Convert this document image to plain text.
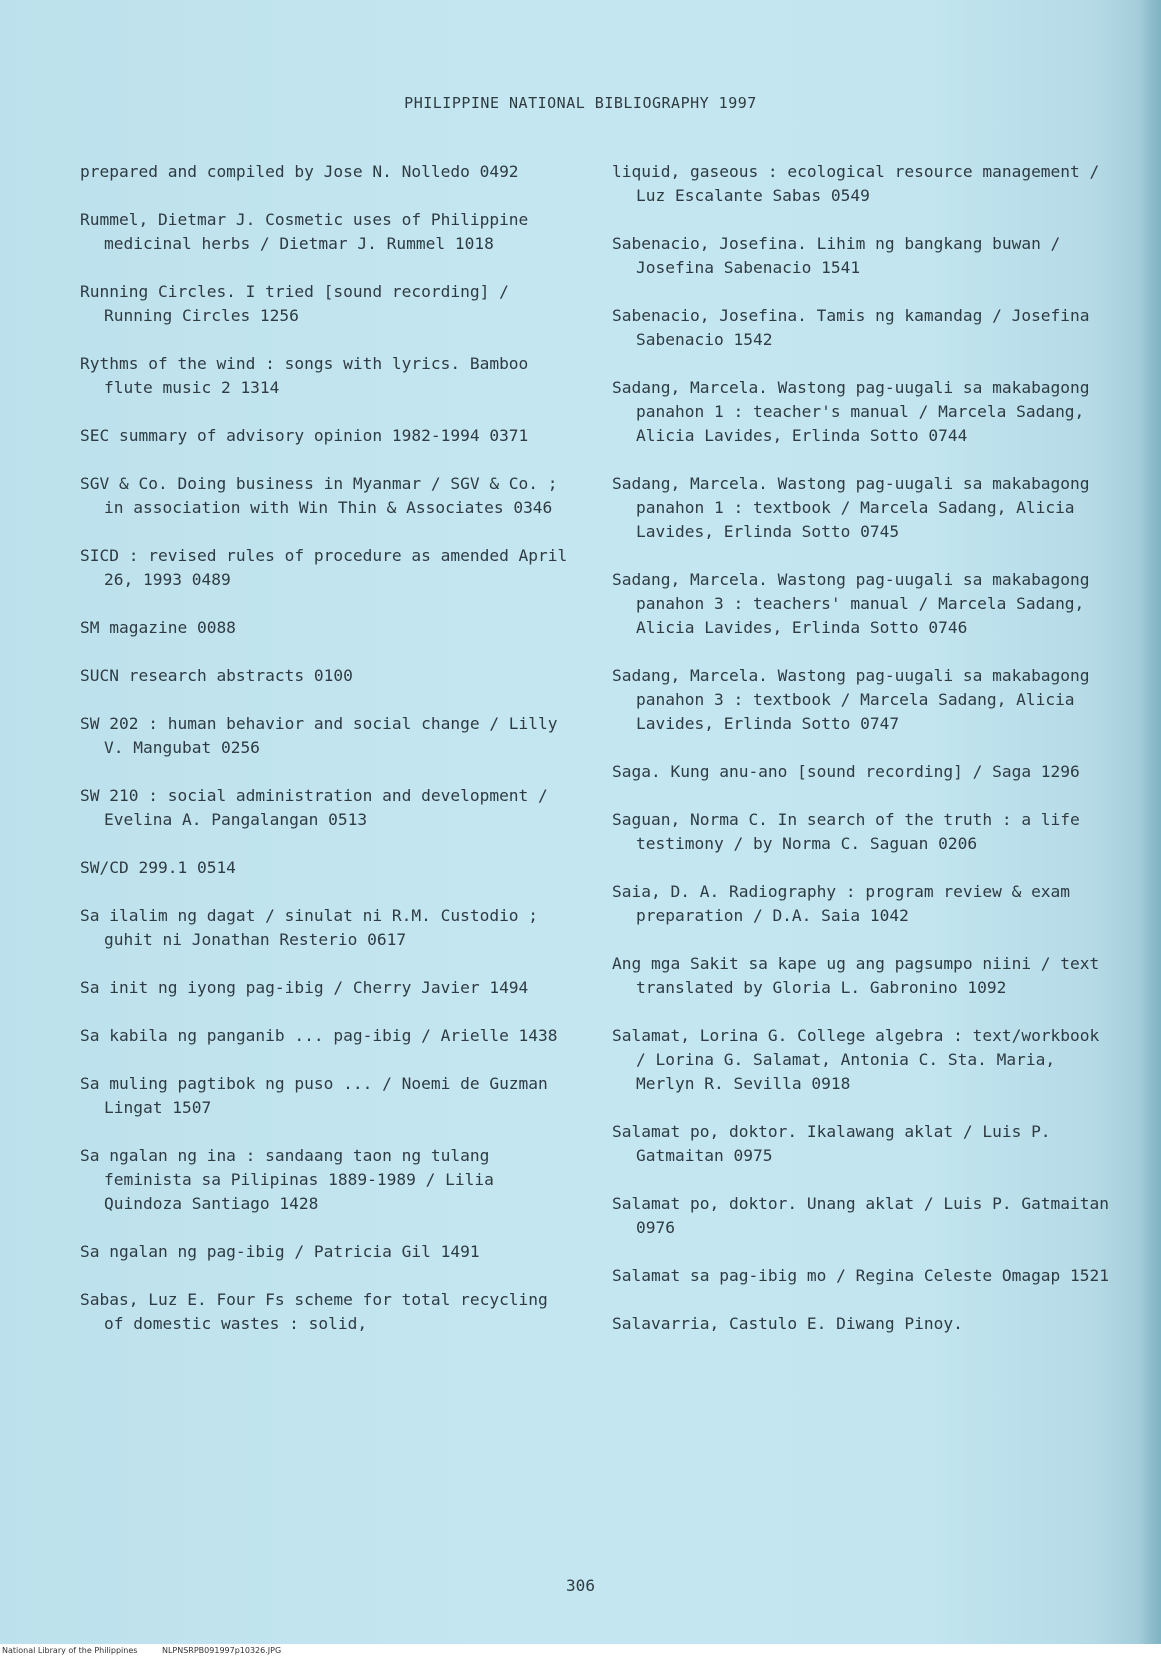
PHILIPPINE NATIONAL BIBLIOGRAPHY 1997
prepared and compiled by Jose N. Nolledo 0492
Rummel, Dietmar J. Cosmetic uses of Philippine medicinal herbs / Dietmar J. Rummel 1018
Running Circles. I tried [sound recording] / Running Circles 1256
Rythms of the wind : songs with lyrics. Bamboo flute music 2 1314
SEC summary of advisory opinion 1982-1994 0371
SGV & Co. Doing business in Myanmar / SGV & Co. ; in association with Win Thin & Associates 0346
SICD : revised rules of procedure as amended April 26, 1993 0489
SM magazine 0088
SUCN research abstracts 0100
SW 202 : human behavior and social change / Lilly V. Mangubat 0256
SW 210 : social administration and development / Evelina A. Pangalangan 0513
SW/CD 299.1 0514
Sa ilalim ng dagat / sinulat ni R.M. Custodio ; guhit ni Jonathan Resterio 0617
Sa init ng iyong pag-ibig / Cherry Javier 1494
Sa kabila ng panganib ... pag-ibig / Arielle 1438
Sa muling pagtibok ng puso ... / Noemi de Guzman Lingat 1507
Sa ngalan ng ina : sandaang taon ng tulang feminista sa Pilipinas 1889-1989 / Lilia Quindoza Santiago 1428
Sa ngalan ng pag-ibig / Patricia Gil 1491
Sabas, Luz E. Four Fs scheme for total recycling of domestic wastes : solid,
liquid, gaseous : ecological resource management / Luz Escalante Sabas 0549
Sabenacio, Josefina. Lihim ng bangkang buwan / Josefina Sabenacio 1541
Sabenacio, Josefina. Tamis ng kamandag / Josefina Sabenacio 1542
Sadang, Marcela. Wastong pag-uugali sa makabagong panahon 1 : teacher's manual / Marcela Sadang, Alicia Lavides, Erlinda Sotto 0744
Sadang, Marcela. Wastong pag-uugali sa makabagong panahon 1 : textbook / Marcela Sadang, Alicia Lavides, Erlinda Sotto 0745
Sadang, Marcela. Wastong pag-uugali sa makabagong panahon 3 : teachers' manual / Marcela Sadang, Alicia Lavides, Erlinda Sotto 0746
Sadang, Marcela. Wastong pag-uugali sa makabagong panahon 3 : textbook / Marcela Sadang, Alicia Lavides, Erlinda Sotto 0747
Saga. Kung anu-ano [sound recording] / Saga 1296
Saguan, Norma C. In search of the truth : a life testimony / by Norma C. Saguan 0206
Saia, D. A. Radiography : program review & exam preparation / D.A. Saia 1042
Ang mga Sakit sa kape ug ang pagsumpo niini / text translated by Gloria L. Gabronino 1092
Salamat, Lorina G. College algebra : text/workbook / Lorina G. Salamat, Antonia C. Sta. Maria, Merlyn R. Sevilla 0918
Salamat po, doktor. Ikalawang aklat / Luis P. Gatmaitan 0975
Salamat po, doktor. Unang aklat / Luis P. Gatmaitan 0976
Salamat sa pag-ibig mo / Regina Celeste Omagap 1521
Salavarria, Castulo E. Diwang Pinoy.
306
National Library of the Philippines	NLPNSRPB091997p10326.JPG
